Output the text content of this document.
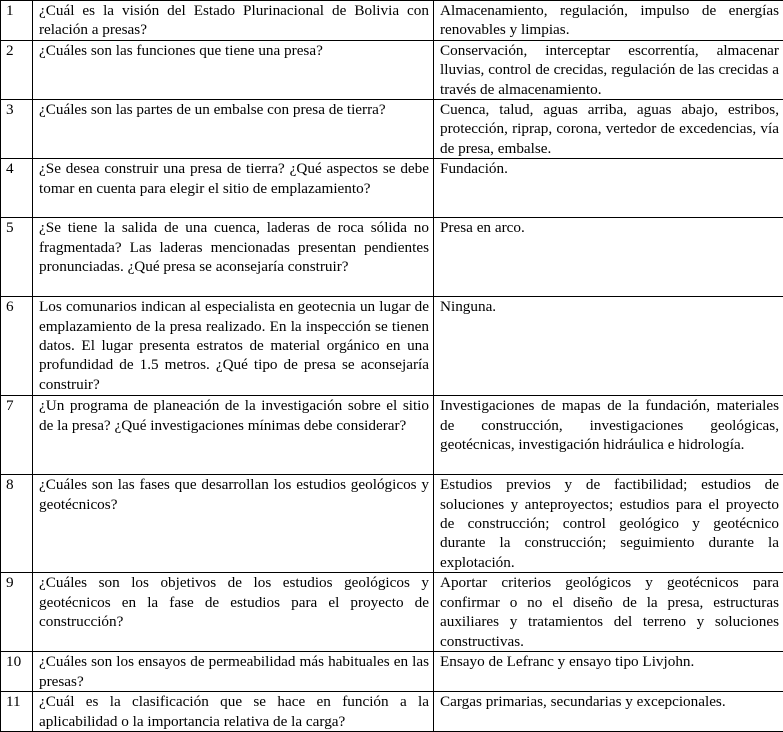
1	¿Cuál es la visión del Estado Plurinacional de Bolivia con relación a presas?	Almacenamiento, regulación, impulso de energías renovables y limpias.
2	¿Cuáles son las funciones que tiene una presa?	Conservación, interceptar escorrentía, almacenar lluvias, control de crecidas, regulación de las crecidas a través de almacenamiento.
3	¿Cuáles son las partes de un embalse con presa de tierra?	Cuenca, talud, aguas arriba, aguas abajo, estribos, protección, riprap, corona, vertedor de excedencias, vía de presa, embalse.
4	¿Se desea construir una presa de tierra? ¿Qué aspectos se debe tomar en cuenta para elegir el sitio de emplazamiento?	Fundación.
5	¿Se tiene la salida de una cuenca, laderas de roca sólida no fragmentada? Las laderas mencionadas presentan pendientes pronunciadas. ¿Qué presa se aconsejaría construir?	Presa en arco.
6	Los comunarios indican al especialista en geotecnia un lugar de emplazamiento de la presa realizado. En la inspección se tienen datos. El lugar presenta estratos de material orgánico en una profundidad de 1.5 metros. ¿Qué tipo de presa se aconsejaría construir?	Ninguna.
7	¿Un programa de planeación de la investigación sobre el sitio de la presa? ¿Qué investigaciones mínimas debe considerar?	Investigaciones de mapas de la fundación, materiales de construcción, investigaciones geológicas, geotécnicas, investigación hidráulica e hidrología.
8	¿Cuáles son las fases que desarrollan los estudios geológicos y geotécnicos?	Estudios previos y de factibilidad; estudios de soluciones y anteproyectos; estudios para el proyecto de construcción; control geológico y geotécnico durante la construcción; seguimiento durante la explotación.
9	¿Cuáles son los objetivos de los estudios geológicos y geotécnicos en la fase de estudios para el proyecto de construcción?	Aportar criterios geológicos y geotécnicos para confirmar o no el diseño de la presa, estructuras auxiliares y tratamientos del terreno y soluciones constructivas.
10	¿Cuáles son los ensayos de permeabilidad más habituales en las presas?	Ensayo de Lefranc y ensayo tipo Livjohn.
11	¿Cuál es la clasificación que se hace en función a la aplicabilidad o la importancia relativa de la carga?	Cargas primarias, secundarias y excepcionales.
